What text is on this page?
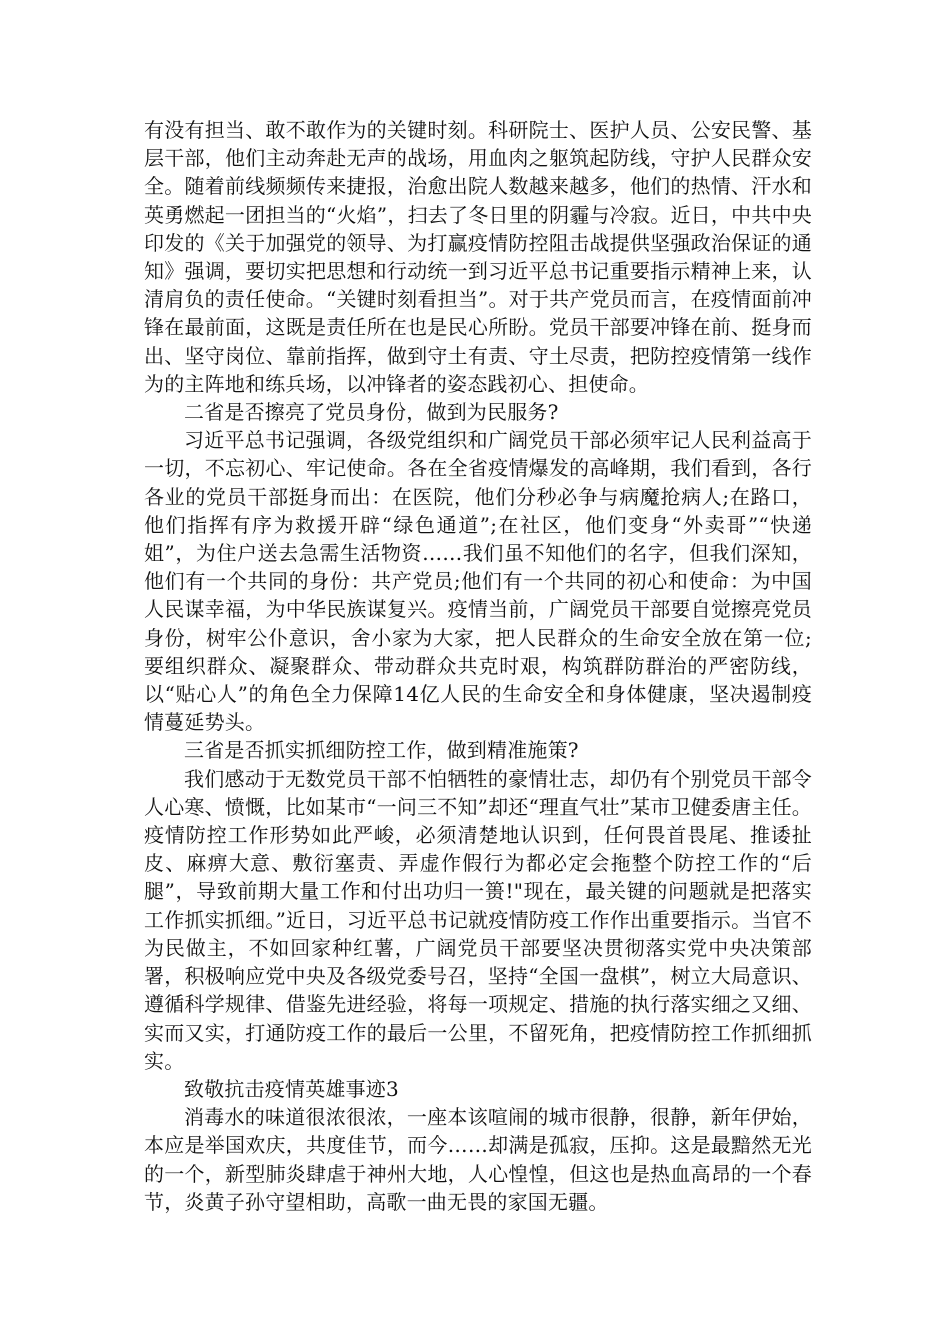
有没有担当、敢不敢作为的关键时刻。科研院士、医护人员、公安民警、基层干部，他们主动奔赴无声的战场，用血肉之躯筑起防线，守护人民群众安全。随着前线频频传来捷报，治愈出院人数越来越多，他们的热情、汗水和英勇燃起一团担当的“火焰”，扫去了冬日里的阴霾与冷寂。近日，中共中央印发的《关于加强党的领导、为打赢疫情防控阻击战提供坚强政治保证的通知》强调，要切实把思想和行动统一到习近平总书记重要指示精神上来，认清肩负的责任使命。“关键时刻看担当”。对于共产党员而言，在疫情面前冲锋在最前面，这既是责任所在也是民心所盼。党员干部要冲锋在前、挺身而出、坚守岗位、靠前指挥，做到守土有责、守土尽责，把防控疫情第一线作为的主阵地和练兵场，以冲锋者的姿态践初心、担使命。

二省是否擦亮了党员身份，做到为民服务?

习近平总书记强调，各级党组织和广阔党员干部必须牢记人民利益高于一切，不忘初心、牢记使命。各在全省疫情爆发的高峰期，我们看到，各行各业的党员干部挺身而出：在医院，他们分秒必争与病魔抢病人;在路口，他们指挥有序为救援开辟“绿色通道”;在社区，他们变身“外卖哥”“快递姐”，为住户送去急需生活物资……我们虽不知他们的名字，但我们深知，他们有一个共同的身份：共产党员;他们有一个共同的初心和使命：为中国人民谋幸福，为中华民族谋复兴。疫情当前，广阔党员干部要自觉擦亮党员身份，树牢公仆意识，舍小家为大家，把人民群众的生命安全放在第一位;要组织群众、凝聚群众、带动群众共克时艰，构筑群防群治的严密防线，以“贴心人”的角色全力保障14亿人民的生命安全和身体健康，坚决遏制疫情蔓延势头。

三省是否抓实抓细防控工作，做到精准施策?

我们感动于无数党员干部不怕牺牲的豪情壮志，却仍有个别党员干部令人心寒、愤慨，比如某市“一问三不知”却还“理直气壮”某市卫健委唐主任。疫情防控工作形势如此严峻，必须清楚地认识到，任何畏首畏尾、推诿扯皮、麻痹大意、敷衍塞责、弄虚作假行为都必定会拖整个防控工作的“后腿”，导致前期大量工作和付出功归一篑!"现在，最关键的问题就是把落实工作抓实抓细。”近日，习近平总书记就疫情防疫工作作出重要指示。当官不为民做主，不如回家种红薯，广阔党员干部要坚决贯彻落实党中央决策部署，积极响应党中央及各级党委号召，坚持“全国一盘棋”，树立大局意识、遵循科学规律、借鉴先进经验，将每一项规定、措施的执行落实细之又细、实而又实，打通防疫工作的最后一公里，不留死角，把疫情防控工作抓细抓实。

致敬抗击疫情英雄事迹3

消毒水的味道很浓很浓，一座本该喧闹的城市很静，很静，新年伊始，本应是举国欢庆，共度佳节，而今……却满是孤寂，压抑。这是最黯然无光的一个，新型肺炎肆虐于神州大地，人心惶惶，但这也是热血高昂的一个春节，炎黄子孙守望相助，高歌一曲无畏的家国无疆。
